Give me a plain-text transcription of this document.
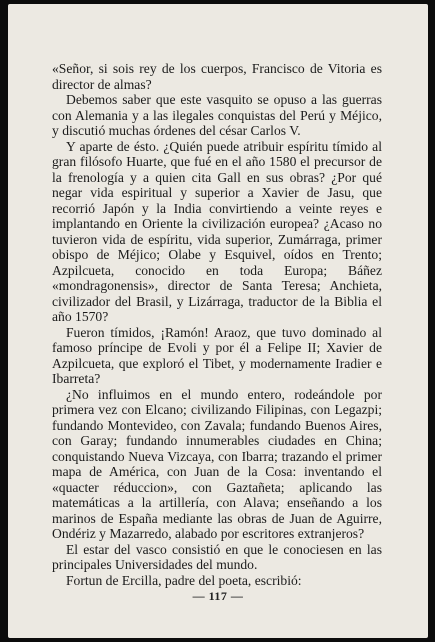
«Señor, si sois rey de los cuerpos, Francisco de Vitoria es director de almas?

Debemos saber que este vasquito se opuso a las guerras con Alemania y a las ilegales conquistas del Perú y Méjico, y discutió muchas órdenes del césar Carlos V.

Y aparte de ésto. ¿Quién puede atribuir espíritu tímido al gran filósofo Huarte, que fué en el año 1580 el precursor de la frenología y a quien cita Gall en sus obras? ¿Por qué negar vida espiritual y superior a Xavier de Jasu, que recorrió Japón y la India convirtiendo a veinte reyes e implantando en Oriente la civilización europea? ¿Acaso no tuvieron vida de espíritu, vida superior, Zumárraga, primer obispo de Méjico; Olabe y Esquivel, oídos en Trento; Azpilcueta, conocido en toda Europa; Báñez «mondragonensis», director de Santa Teresa; Anchieta, civilizador del Brasil, y Lizárraga, traductor de la Biblia el año 1570?

Fueron tímidos, ¡Ramón! Araoz, que tuvo dominado al famoso príncipe de Evoli y por él a Felipe II; Xavier de Azpilcueta, que exploró el Tibet, y modernamente Iradier e Ibarreta?

¿No influimos en el mundo entero, rodeándole por primera vez con Elcano; civilizando Filipinas, con Legazpi; fundando Montevideo, con Zavala; fundando Buenos Aires, con Garay; fundando innumerables ciudades en China; conquistando Nueva Vizcaya, con Ibarra; trazando el primer mapa de América, con Juan de la Cosa: inventando el «quacter réduccion», con Gaztañeta; aplicando las matemáticas a la artillería, con Alava; enseñando a los marinos de España mediante las obras de Juan de Aguirre, Ondériz y Mazarredo, alabado por escritores extranjeros?

El estar del vasco consistió en que le conociesen en las principales Universidades del mundo.

Fortun de Ercilla, padre del poeta, escribió:

— 117 —
